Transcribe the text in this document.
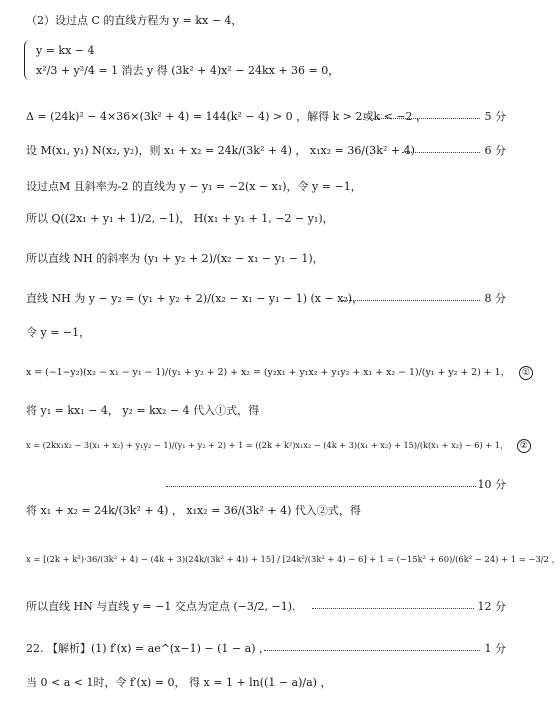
（2）设过点 C 的直线方程为 y = kx − 4，
y = kx − 4
x²/3 + y²/4 = 1 消去 y 得 (3k² + 4)x² − 24kx + 36 = 0，
Δ = (24k)² − 4×36×(3k² + 4) = 144(k² − 4) > 0 ，解得 k > 2或k < −2 ，	5 分
设 M(x₁, y₁) N(x₂, y₂)，则 x₁ + x₂ = 24k/(3k² + 4) ， x₁x₂ = 36/(3k² + 4)	6 分
设过点M 且斜率为-2 的直线为 y − y₁ = −2(x − x₁)，令 y = −1，
所以 Q((2x₁ + y₁ + 1)/2, −1)， H(x₁ + y₁ + 1, −2 − y₁)，
所以直线 NH 的斜率为 (y₁ + y₂ + 2)/(x₂ − x₁ − y₁ − 1)，
直线 NH 为 y − y₂ = (y₁ + y₂ + 2)/(x₂ − x₁ − y₁ − 1) (x − x₂)，	8 分
令 y = −1，
x = (−1−y₂)(x₂ − x₁ − y₁ − 1)/(y₁ + y₂ + 2) + x₂ = (y₂x₁ + y₁x₂ + y₁y₂ + x₁ + x₂ − 1)/(y₁ + y₂ + 2) + 1， ①
将 y₁ = kx₁ − 4， y₂ = kx₂ − 4 代入①式，得
x = (2kx₁x₂ − 3(x₁ + x₂) + y₁y₂ − 1)/(y₁ + y₂ + 2) + 1 = ((2k + k²)x₁x₂ − (4k + 3)(x₁ + x₂) + 15)/(k(x₁ + x₂) − 6) + 1， ②
10 分
将 x₁ + x₂ = 24k/(3k² + 4) ， x₁x₂ = 36/(3k² + 4) 代入②式，得
x = [(2k + k²)·36/(3k² + 4) − (4k + 3)(24k/(3k² + 4)) + 15] / [24k²/(3k² + 4) − 6] + 1 = (−15k² + 60)/(6k² − 24) + 1 = −3/2 ，
所以直线 HN 与直线 y = −1 交点为定点 (−3/2, −1).	12 分
22. 【解析】(1) f′(x) = ae^(x−1) − (1 − a) ，	1 分
当 0 < a < 1时，令 f′(x) = 0， 得 x = 1 + ln((1 − a)/a) ，
